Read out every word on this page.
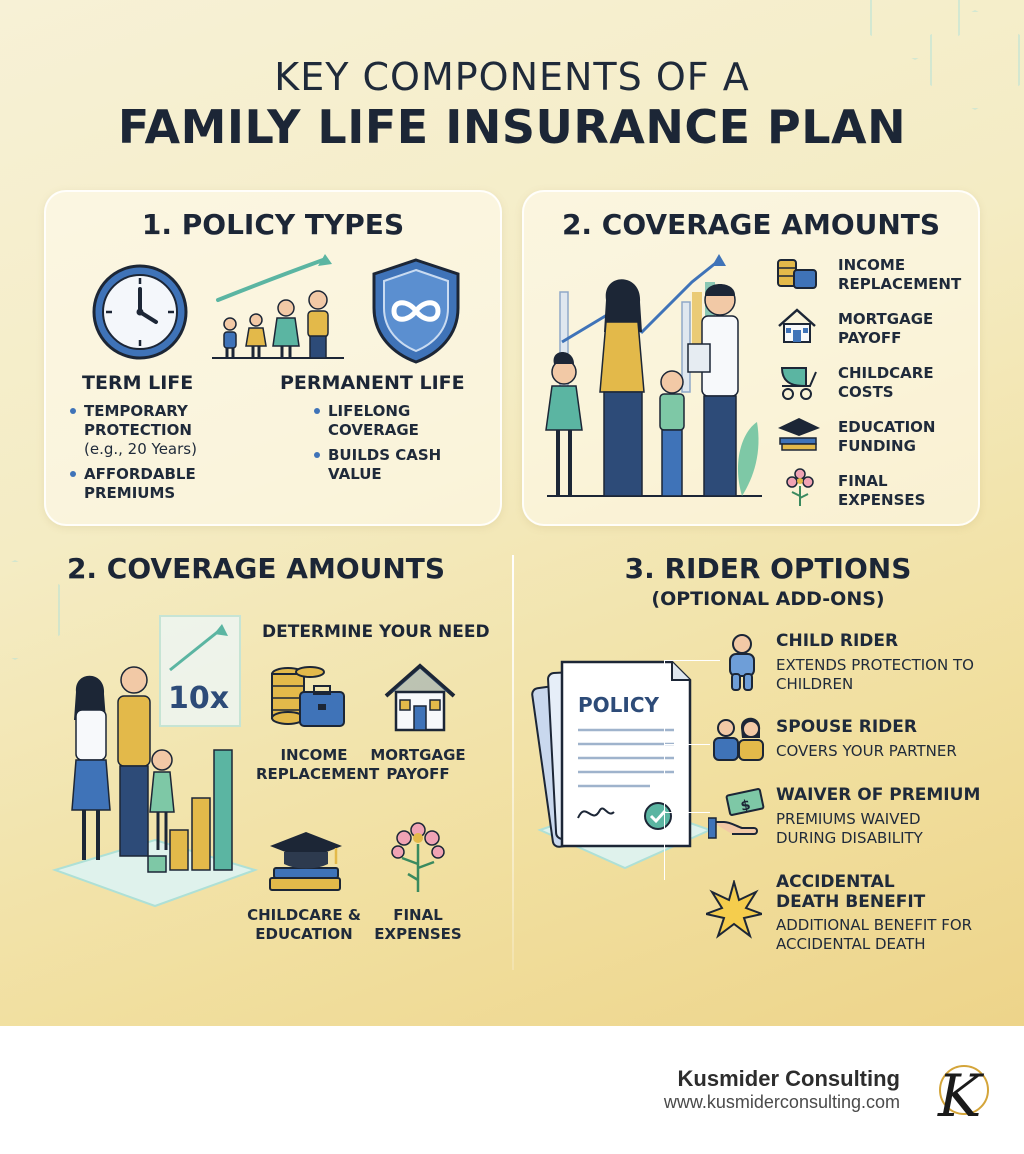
KEY COMPONENTS OF A
FAMILY LIFE INSURANCE PLAN
1. POLICY TYPES
TERM LIFE
TEMPORARY PROTECTION
(e.g., 20 Years)
AFFORDABLE PREMIUMS
PERMANENT LIFE
LIFELONG COVERAGE
BUILDS CASH VALUE
2. COVERAGE AMOUNTS
INCOME REPLACEMENT
MORTGAGE PAYOFF
CHILDCARE COSTS
EDUCATION FUNDING
FINAL EXPENSES
2. COVERAGE AMOUNTS
DETERMINE YOUR NEED
10x
INCOME REPLACEMENT
MORTGAGE PAYOFF
CHILDCARE & EDUCATION
FINAL EXPENSES
3. RIDER OPTIONS
(OPTIONAL ADD-ONS)
POLICY
$
CHILD RIDER
EXTENDS PROTECTION TO CHILDREN
SPOUSE RIDER
COVERS YOUR PARTNER
WAIVER OF PREMIUM
PREMIUMS WAIVED DURING DISABILITY
ACCIDENTAL DEATH BENEFIT
ADDITIONAL BENEFIT FOR ACCIDENTAL DEATH
Kusmider Consulting
www.kusmiderconsulting.com K
